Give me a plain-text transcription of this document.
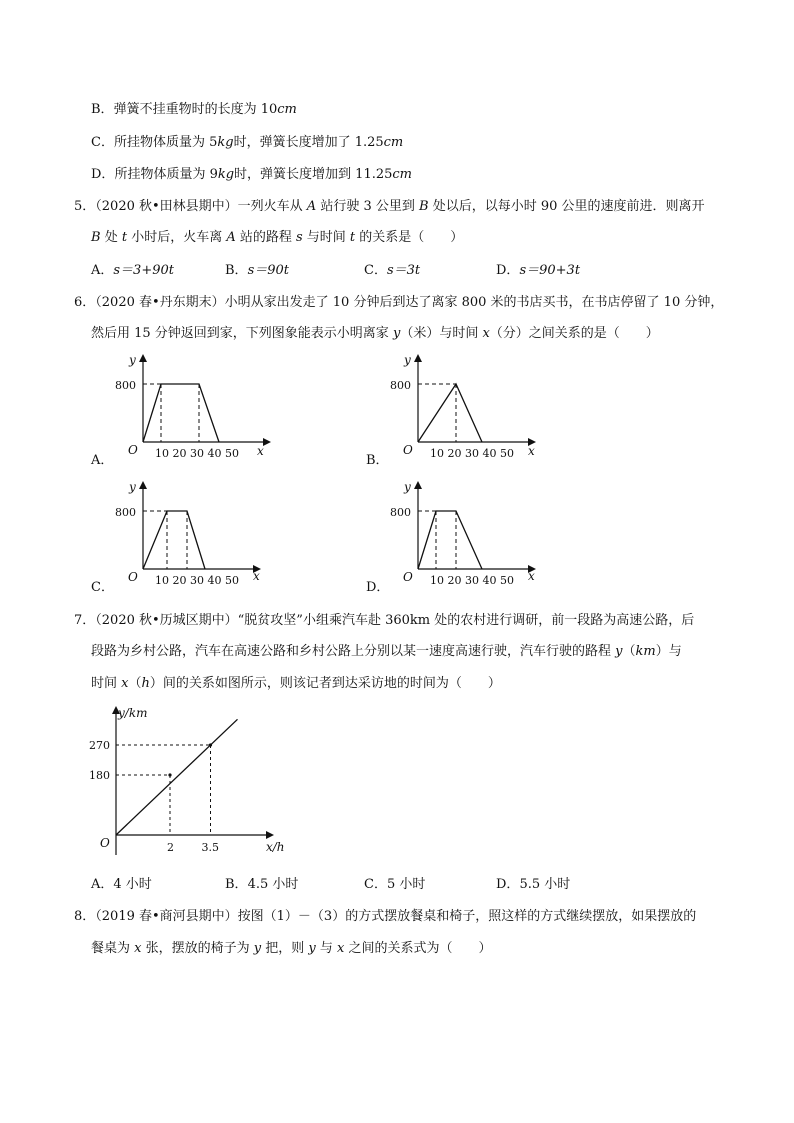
B．弹簧不挂重物时的长度为 10cm
C．所挂物体质量为 5kg时，弹簧长度增加了 1.25cm
D．所挂物体质量为 9kg时，弹簧长度增加到 11.25cm
5．（2020 秋•田林县期中）一列火车从 A 站行驶 3 公里到 B 处以后，以每小时 90 公里的速度前进．则离开
B 处 t 小时后，火车离 A 站的路程 s 与时间 t 的关系是（　　）
A．s＝3+90t	B．s＝90t	C．s＝3t	D．s＝90+3t
6．（2020 春•丹东期末）小明从家出发走了 10 分钟后到达了离家 800 米的书店买书，在书店停留了 10 分钟，
然后用 15 分钟返回到家，下列图象能表示小明离家 y（米）与时间 x（分）之间关系的是（　　）
A．
y
x
O
800
10 20 30 40 50	B．
y
x
O
800
10 20 30 40 50
C．
y
x
O
800
10 20 30 40 50	D．
y
x
O
800
10 20 30 40 50
7．（2020 秋•历城区期中）“脱贫攻坚”小组乘汽车赴 360km 处的农村进行调研，前一段路为高速公路，后
段路为乡村公路，汽车在高速公路和乡村公路上分别以某一速度高速行驶，汽车行驶的路程 y（km）与
时间 x（h）间的关系如图所示，则该记者到达采访地的时间为（　　）
y/km
x/h
O
180
2
270
3.5
A．4 小时	B．4.5 小时	C．5 小时	D．5.5 小时
8．（2019 春•商河县期中）按图（1）－（3）的方式摆放餐桌和椅子，照这样的方式继续摆放，如果摆放的
餐桌为 x 张，摆放的椅子为 y 把，则 y 与 x 之间的关系式为（　　）
